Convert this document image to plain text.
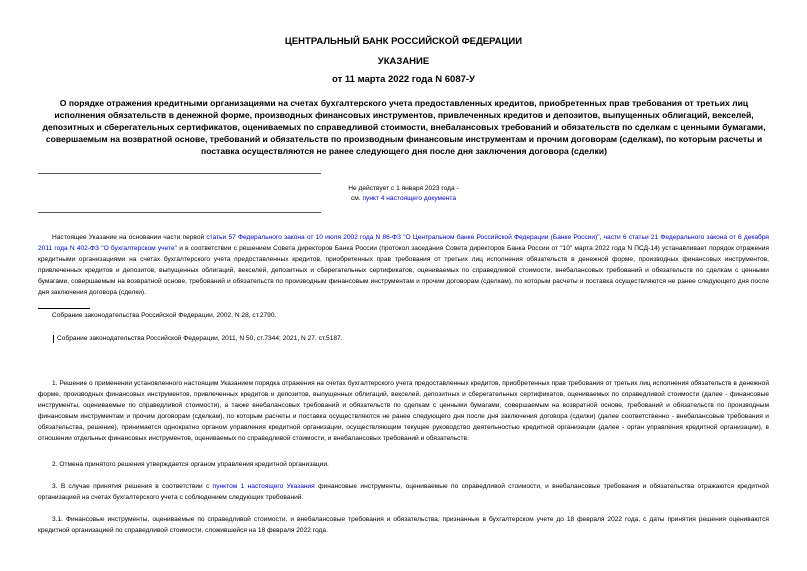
ЦЕНТРАЛЬНЫЙ БАНК РОССИЙСКОЙ ФЕДЕРАЦИИ
УКАЗАНИЕ
от 11 марта 2022 года N 6087-У
О порядке отражения кредитными организациями на счетах бухгалтерского учета предоставленных кредитов, приобретенных прав требования от третьих лиц исполнения обязательств в денежной форме, производных финансовых инструментов, привлеченных кредитов и депозитов, выпущенных облигаций, векселей, депозитных и сберегательных сертификатов, оцениваемых по справедливой стоимости, внебалансовых требований и обязательств по сделкам с ценными бумагами, совершаемым на возвратной основе, требований и обязательств по производным финансовым инструментам и прочим договорам (сделкам), по которым расчеты и поставка осуществляются не ранее следующего дня после дня заключения договора (сделки)
Не действует с 1 января 2023 года -
см. пункт 4 настоящего документа
Настоящее Указание на основании части первой статьи 57 Федерального закона от 10 июля 2002 года N 86-ФЗ "О Центральном банке Российской Федерации (Банке России)", части 6 статьи 21 Федерального закона от 6 декабря 2011 года N 402-ФЗ "О бухгалтерском учете" и в соответствии с решением Совета директоров Банка России (протокол заседания Совета директоров Банка России от "10" марта 2022 года N ПСД-14) устанавливает порядок отражения кредитными организациями на счетах бухгалтерского учета предоставленных кредитов, приобретенных прав требования от третьих лиц исполнения обязательств в денежной форме, производных финансовых инструментов, привлеченных кредитов и депозитов, выпущенных облигаций, векселей, депозитных и сберегательных сертификатов, оцениваемых по справедливой стоимости, внебалансовых требований и обязательств по сделкам с ценными бумагами, совершаемым на возвратной основе, требований и обязательств по производным финансовым инструментам и прочим договорам (сделкам), по которым расчеты и поставка осуществляются не ранее следующего дня после дня заключения договора (сделки).
Собрание законодательства Российской Федерации, 2002, N 28, ст.2790.
Собрание законодательства Российской Федерации, 2011, N 50, ст.7344; 2021, N 27, ст.5187.
1. Решение о применении установленного настоящим Указанием порядка отражения на счетах бухгалтерского учета предоставленных кредитов, приобретенных прав требования от третьих лиц исполнения обязательств в денежной форме, производных финансовых инструментов, привлеченных кредитов и депозитов, выпущенных облигаций, векселей, депозитных и сберегательных сертификатов, оцениваемых по справедливой стоимости (далее - финансовые инструменты, оцениваемые по справедливой стоимости), а также внебалансовых требований и обязательств по сделкам с ценными бумагами, совершаемым на возвратной основе, требований и обязательств по производным финансовым инструментам и прочим договорам (сделкам), по которым расчеты и поставка осуществляются не ранее следующего дня после дня заключения договора (сделки) (далее соответственно - внебалансовые требования и обязательства, решение), принимается однократно органом управления кредитной организации, осуществляющим текущее руководство деятельностью кредитной организации (далее - орган управления кредитной организации), в отношении отдельных финансовых инструментов, оцениваемых по справедливой стоимости, и внебалансовых требований и обязательств.
2. Отмена принятого решения утверждается органом управления кредитной организации.
3. В случае принятия решения в соответствии с пунктом 1 настоящего Указания финансовые инструменты, оцениваемые по справедливой стоимости, и внебалансовые требования и обязательства отражаются кредитной организацией на счетах бухгалтерского учета с соблюдением следующих требований.
3.1. Финансовые инструменты, оцениваемые по справедливой стоимости, и внебалансовые требования и обязательства, признанные в бухгалтерском учете до 18 февраля 2022 года, с даты принятия решения оцениваются кредитной организацией по справедливой стоимости, сложившейся на 18 февраля 2022 года.
